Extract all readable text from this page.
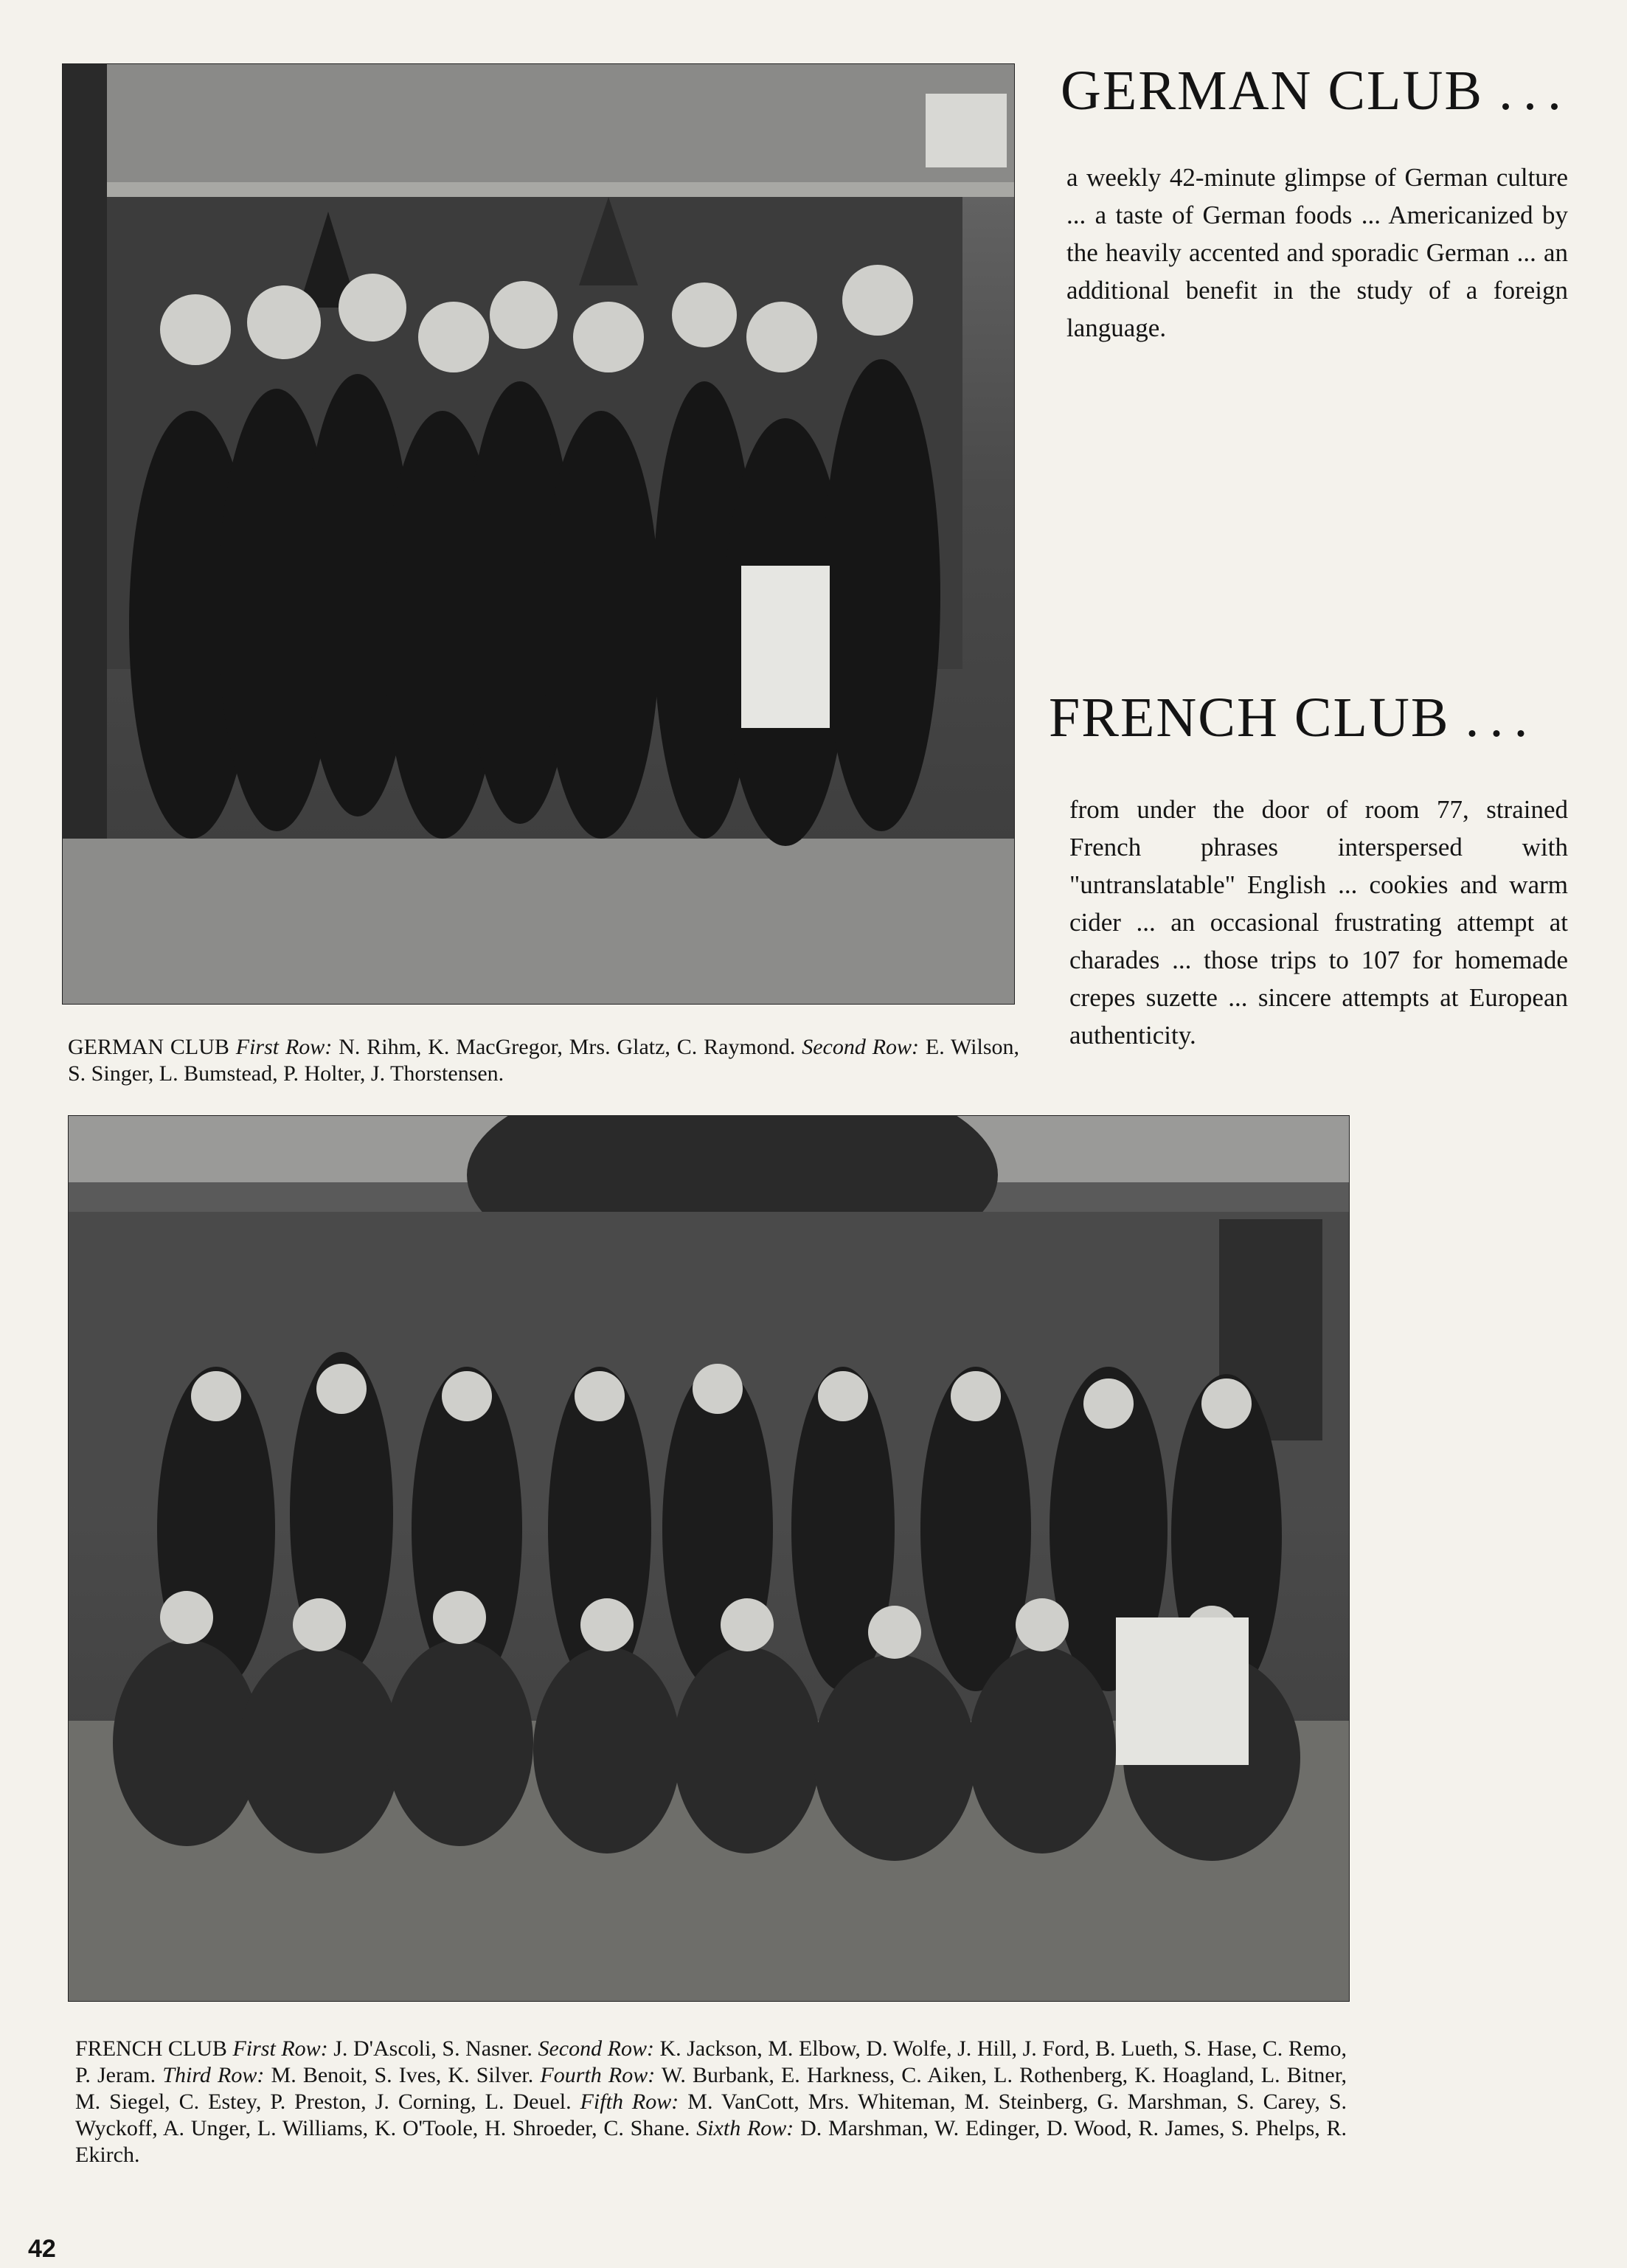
GERMAN CLUB ...

a weekly 42-minute glimpse of German culture ... a taste of German foods ... Americanized by the heavily accented and sporadic German ... an additional benefit in the study of a foreign language.

GERMAN CLUB First Row: N. Rihm, K. MacGregor, Mrs. Glatz, C. Raymond. Second Row: E. Wilson, S. Singer, L. Bumstead, P. Holter, J. Thorstensen.
FRENCH CLUB ...

from under the door of room 77, strained French phrases interspersed with "untranslatable" English ... cookies and warm cider ... an occasional frustrating attempt at charades ... those trips to 107 for homemade crepes suzette ... sincere attempts at European authenticity.

FRENCH CLUB First Row: J. D'Ascoli, S. Nasner. Second Row: K. Jackson, M. Elbow, D. Wolfe, J. Hill, J. Ford, B. Lueth, S. Hase, C. Remo, P. Jeram. Third Row: M. Benoit, S. Ives, K. Silver. Fourth Row: W. Burbank, E. Harkness, C. Aiken, L. Rothenberg, K. Hoagland, L. Bitner, M. Siegel, C. Estey, P. Preston, J. Corning, L. Deuel. Fifth Row: M. VanCott, Mrs. Whiteman, M. Steinberg, G. Marshman, S. Carey, S. Wyckoff, A. Unger, L. Williams, K. O'Toole, H. Shroeder, C. Shane. Sixth Row: D. Marshman, W. Edinger, D. Wood, R. James, S. Phelps, R. Ekirch.
42
